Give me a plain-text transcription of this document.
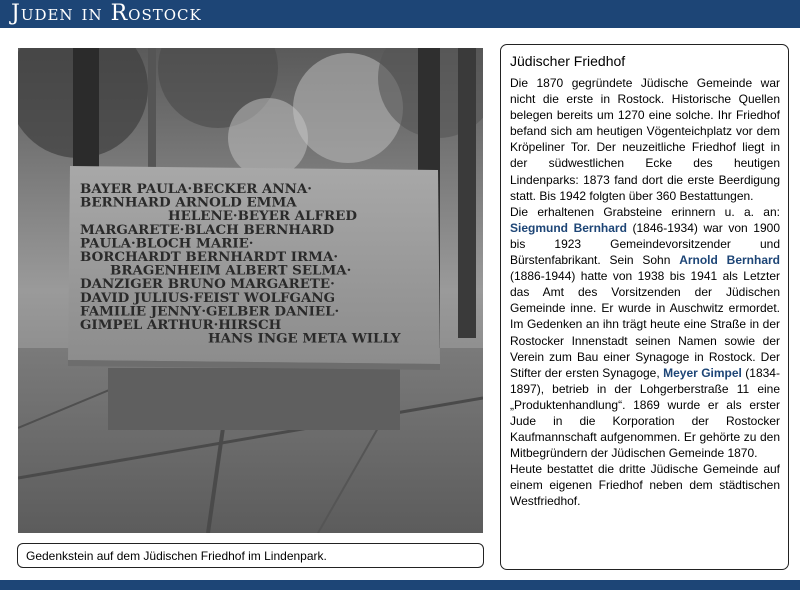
Juden in Rostock
BAYER PAULA·BECKER ANNA·
BERNHARD ARNOLD EMMA
HELENE·BEYER ALFRED
MARGARETE·BLACH BERNHARD
PAULA·BLOCH MARIE·
BORCHARDT BERNHARDT IRMA·
BRAGENHEIM ALBERT SELMA·
DANZIGER BRUNO MARGARETE·
DAVID JULIUS·FEIST WOLFGANG
FAMILIE JENNY·GELBER DANIEL·
GIMPEL ARTHUR·HIRSCH
HANS INGE META WILLY
Gedenkstein auf dem Jüdischen Friedhof im Lindenpark.
Jüdischer Friedhof

Die 1870 gegründete Jüdische Gemeinde war nicht die erste in Rostock. Historische Quellen belegen bereits um 1270 eine solche. Ihr Friedhof befand sich am heutigen Vögenteichplatz vor dem Kröpeliner Tor. Der neuzeitliche Friedhof liegt in der südwestlichen Ecke des heutigen Lindenparks: 1873 fand dort die erste Beerdigung statt. Bis 1942 folgten über 360 Bestattungen.

Die erhaltenen Grabsteine erinnern u. a. an: Siegmund Bernhard (1846-1934) war von 1900 bis 1923 Gemeindevorsitzender und Bürstenfabrikant. Sein Sohn Arnold Bernhard (1886-1944) hatte von 1938 bis 1941 als Letzter das Amt des Vorsitzenden der Jüdischen Gemeinde inne. Er wurde in Auschwitz ermordet. Im Gedenken an ihn trägt heute eine Straße in der Rostocker Innenstadt seinen Namen sowie der Verein zum Bau einer Synagoge in Rostock. Der Stifter der ersten Synagoge, Meyer Gimpel (1834-1897), betrieb in der Lohgerberstraße 11 eine „Produktenhandlung“. 1869 wurde er als erster Jude in die Korporation der Rostocker Kaufmannschaft aufgenommen. Er gehörte zu den Mitbegründern der Jüdischen Gemeinde 1870.

Heute bestattet die dritte Jüdische Gemeinde auf einem eigenen Friedhof neben dem städtischen Westfriedhof.
